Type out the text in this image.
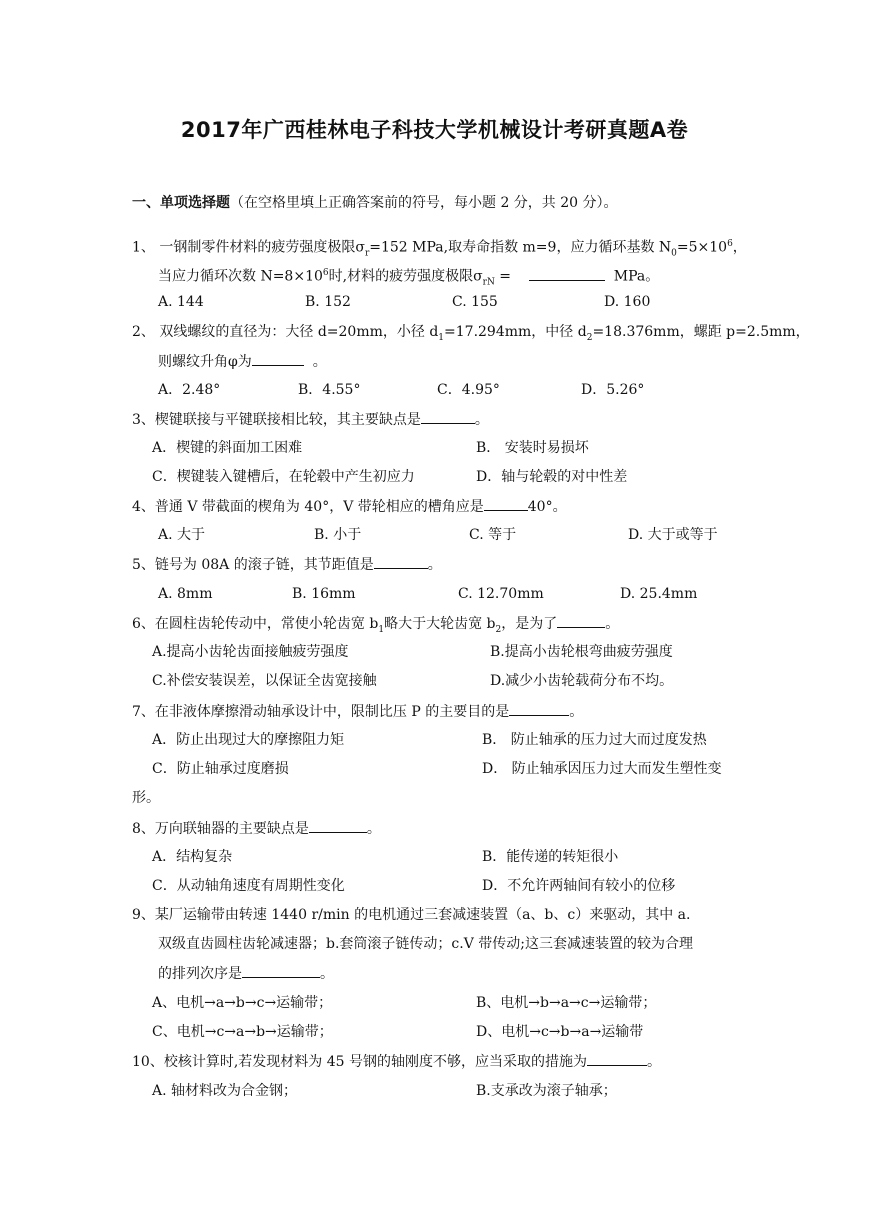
2017年广西桂林电子科技大学机械设计考研真题A卷
一、单项选择题（在空格里填上正确答案前的符号，每小题 2 分，共 20 分）。
1、 一钢制零件材料的疲劳强度极限$\sigma_r=152$ MPa,取寿命指数 m=9，应力循环基数 $N_0=5\times 10^6$，
当应力循环次数 $N=8\times 10^6$时,材料的疲劳强度极限$\sigma_{rN}$ =	MPa。
A. 144	B. 152	C. 155	D. 160
2、 双线螺纹的直径为：大径 d=20mm，小径 $d_1=17.294mm$，中径 $d_2=18.376mm$，螺距 p=2.5mm，
则螺纹升角φ为	。
A．2.48°	B．4.55°	C．4.95°	D．5.26°
3、楔键联接与平键联接相比较，其主要缺点是	。
A．楔键的斜面加工困难	B． 安装时易损坏
C．楔键装入键槽后，在轮毂中产生初应力	D．轴与轮毂的对中性差
4、普通 V 带截面的楔角为 40°，V 带轮相应的槽角应是	40°。
A. 大于	B. 小于	C. 等于	D. 大于或等于
5、链号为 08A 的滚子链，其节距值是	。
A. 8mm	B. 16mm	C. 12.70mm	D. 25.4mm
6、在圆柱齿轮传动中，常使小轮齿宽 $b_1$略大于大轮齿宽 $b_2$，是为了	。
A.提高小齿轮齿面接触疲劳强度	B.提高小齿轮根弯曲疲劳强度
C.补偿安装误差，以保证全齿宽接触	D.减少小齿轮载荷分布不均。
7、在非液体摩擦滑动轴承设计中，限制比压 P 的主要目的是	。
A．防止出现过大的摩擦阻力矩	B． 防止轴承的压力过大而过度发热
C．防止轴承过度磨损	D． 防止轴承因压力过大而发生塑性变
形。
8、万向联轴器的主要缺点是	。
A．结构复杂	B．能传递的转矩很小
C．从动轴角速度有周期性变化	D．不允许两轴间有较小的位移
9、某厂运输带由转速 1440 r/min 的电机通过三套减速装置（a、b、c）来驱动，其中 a.
双级直齿圆柱齿轮减速器；b.套筒滚子链传动；c.V 带传动;这三套减速装置的较为合理
的排列次序是	。
A、电机→a→b→c→运输带；	B、电机→b→a→c→运输带；
C、电机→c→a→b→运输带；	D、电机→c→b→a→运输带
10、校核计算时,若发现材料为 45 号钢的轴刚度不够，应当采取的措施为	。
A. 轴材料改为合金钢；	B.支承改为滚子轴承；
